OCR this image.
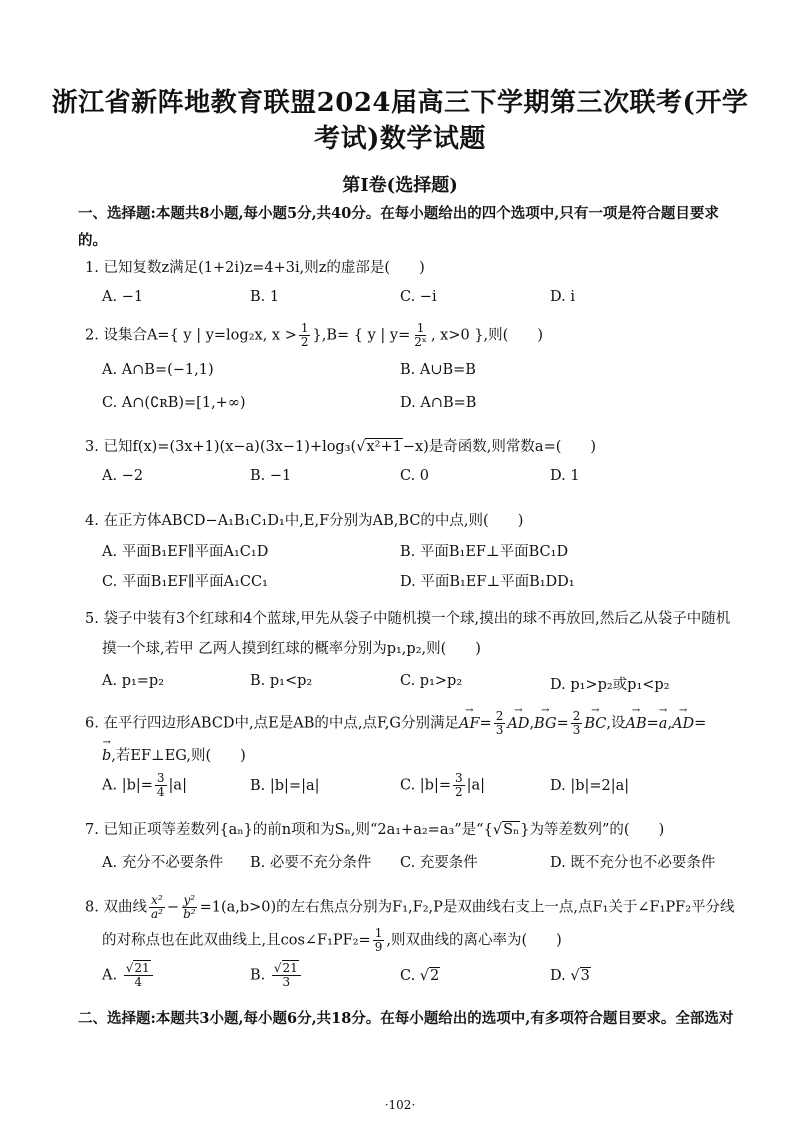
浙江省新阵地教育联盟2024届高三下学期第三次联考(开学
考试)数学试题
第Ⅰ卷(选择题)
一、选择题:本题共8小题,每小题5分,共40分。在每小题给出的四个选项中,只有一项是符合题目要求
的。
1. 已知复数z满足(1+2i)z=4+3i,则z的虚部是(　　)
A. −1	B. 1	C. −i	D. i
2. 设集合A={ y | y=log₂x, $x > \frac{1}{2} \},B=$ { y | $y= \frac{1}{\text{2ˣ}}$ , x>0 },则(　　)
A. A∩B=(−1,1)	B. A∪B=B
C. A∩(∁ʀB)=[1,+∞)	D. A∩B=B
3. 已知f(x)=(3x+1)(x−a)(3x−1)+log₃(√x²+1−x)是奇函数,则常数a=(　　)
A. −2	B. −1	C. 0	D. 1
4. 在正方体ABCD−A₁B₁C₁D₁中,E,F分别为AB,BC的中点,则(　　)
A. 平面B₁EF∥平面A₁C₁D	B. 平面B₁EF⊥平面BC₁D
C. 平面B₁EF∥平面A₁CC₁	D. 平面B₁EF⊥平面B₁DD₁
5. 袋子中装有3个红球和4个蓝球,甲先从袋子中随机摸一个球,摸出的球不再放回,然后乙从袋子中随机
摸一个球,若甲 乙两人摸到红球的概率分别为p₁,p₂,则(　　)
A. p₁=p₂	B. p₁<p₂	C. p₁>p₂	D. p₁>p₂或p₁<p₂
6. 在平行四边形ABCD中,点E是AB的中点,点F,G分别满足→ $AF= \frac{2}{3}$
→ $AD,\to BG= \frac{2}{3}$
→ BC,设→ AB=→ a,→ AD=
→ b,若EF⊥EG,则(　　)
A. $|b|= \frac{3}{4} |a|$	B. |b|=|a|	C. $|b|= \frac{3}{2} |a|$	D. |b|=2|a|
7. 已知正项等差数列{aₙ}的前n项和为Sₙ,则“2a₁+a₂=a₃”是“{√Sₙ}为等差数列”的(　　)
A. 充分不必要条件 B. 必要不充分条件 C. 充要条件	D. 既不充分也不必要条件
8. 双曲线 $\frac{\text{x²}}{\text{a²}} - \frac{\text{y²}}{\text{b²}} =1(a,b>0)$的左右焦点分别为F₁,F₂,P是双曲线右支上一点,点F₁关于∠F₁PF₂平分线
的对称点也在此双曲线上,且cos∠F₁PF₂= $\frac{1}{9}$ ,则双曲线的离心率为(　　)
A. $\frac{√21}{4}$	B. $\frac{√21}{3}$	C. √2	D. √3
二、选择题:本题共3小题,每小题6分,共18分。在每小题给出的选项中,有多项符合题目要求。全部选对
·102·
